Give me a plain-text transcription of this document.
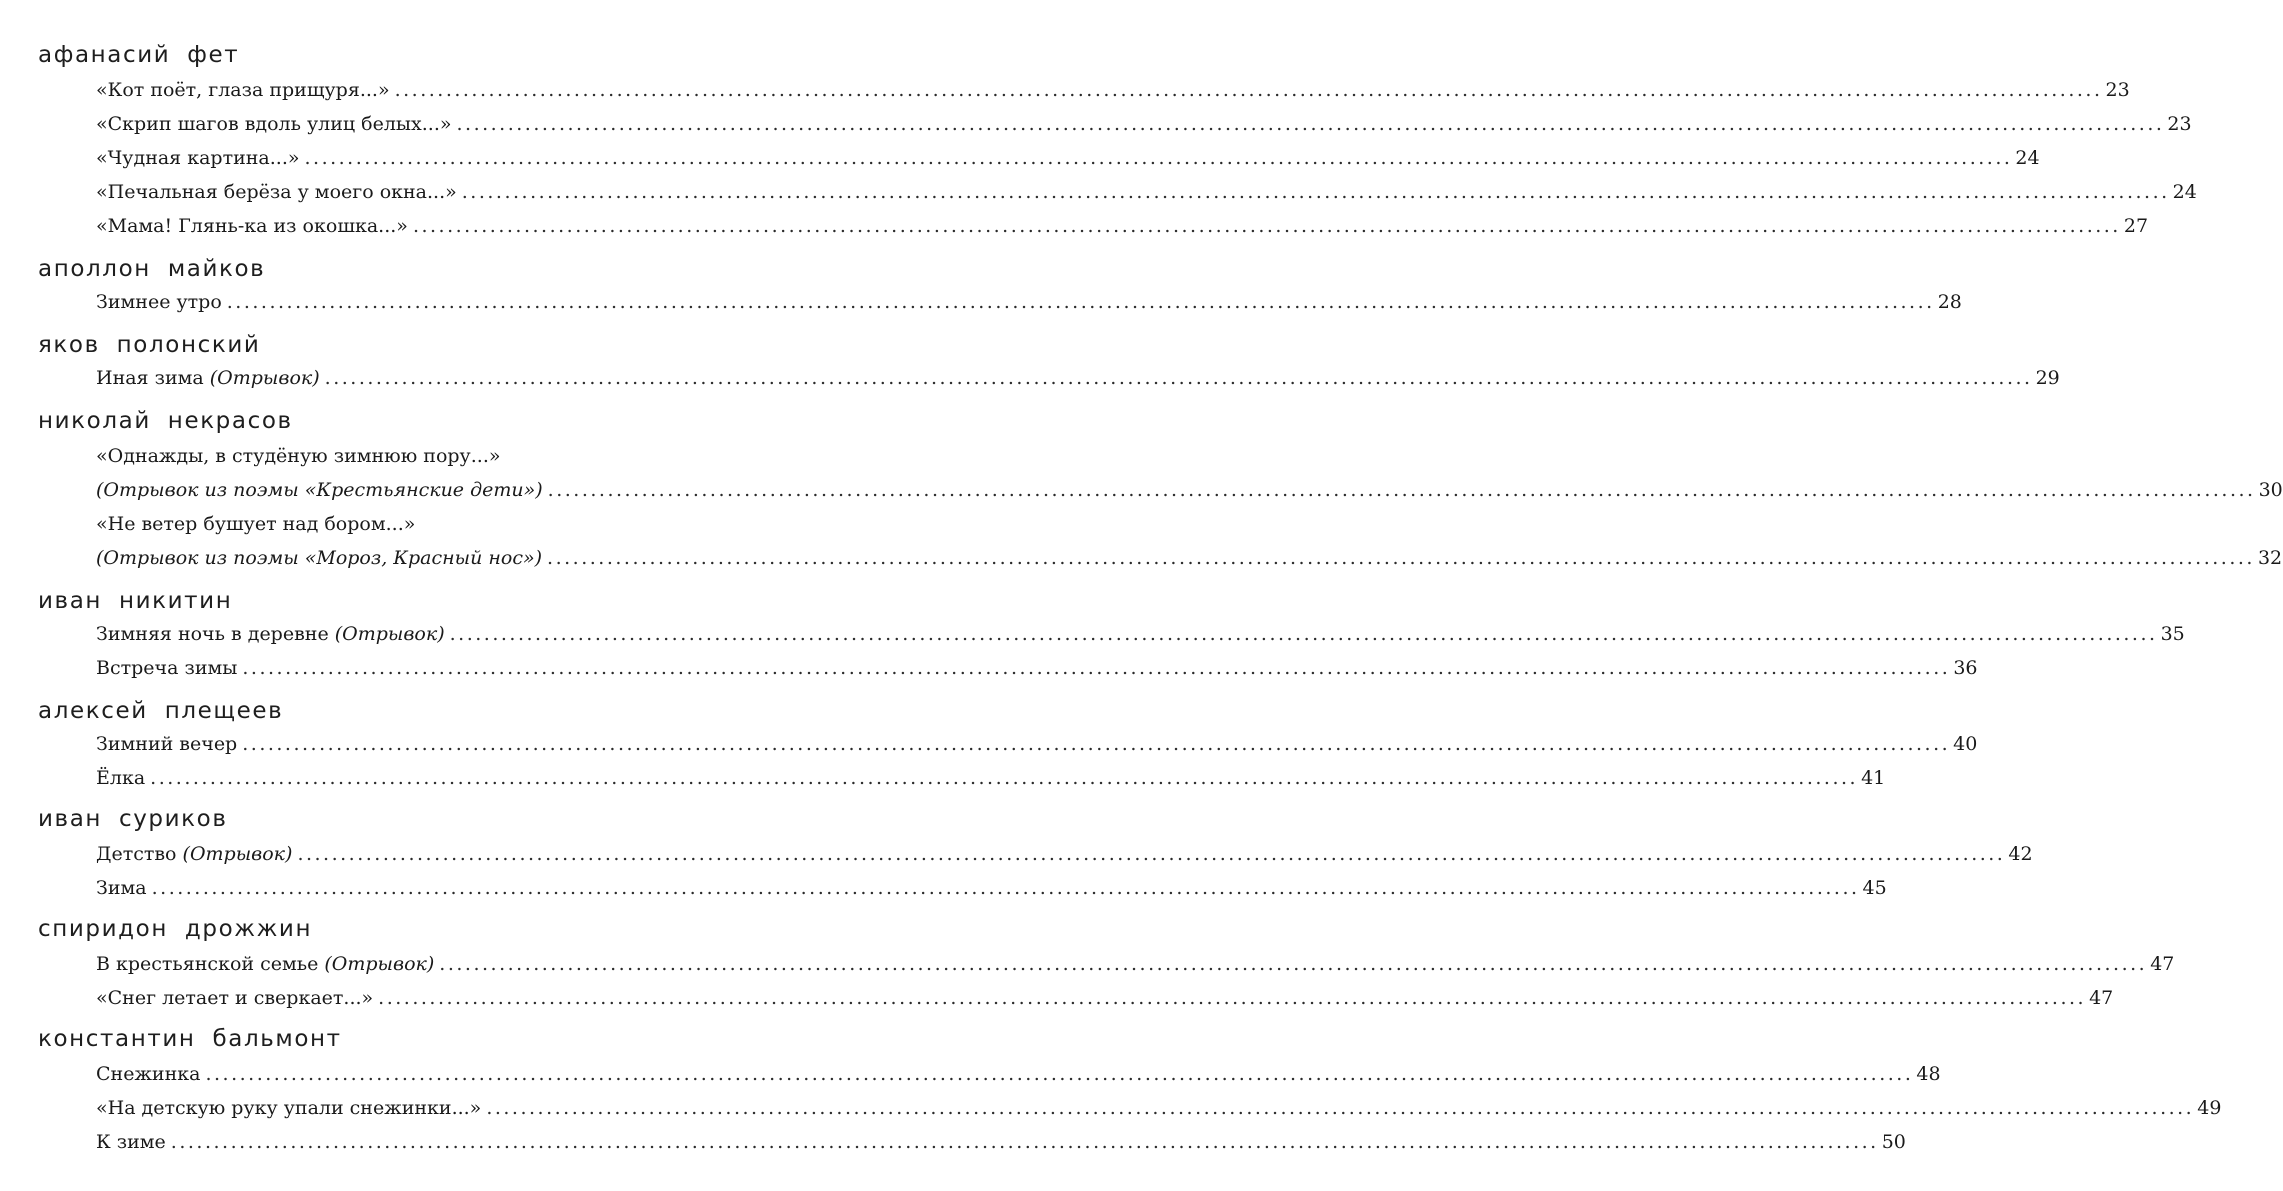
афанасий фет
«Кот поёт, глаза прищуря...» ........................................................................................................................................................................................................ 23
«Скрип шагов вдоль улиц белых...» ........................................................................................................................................................................................................ 23
«Чудная картина...» ........................................................................................................................................................................................................ 24
«Печальная берёза у моего окна...» ........................................................................................................................................................................................................ 24
«Мама! Глянь-ка из окошка...» ........................................................................................................................................................................................................ 27
аполлон майков
Зимнее утро ........................................................................................................................................................................................................ 28
яков полонский
Иная зима (Отрывок) ........................................................................................................................................................................................................ 29
николай некрасов
«Однажды, в студёную зимнюю пору...»
(Отрывок из поэмы «Крестьянские дети») ........................................................................................................................................................................................................ 30
«Не ветер бушует над бором...»
(Отрывок из поэмы «Мороз, Красный нос») ........................................................................................................................................................................................................ 32
иван никитин
Зимняя ночь в деревне (Отрывок) ........................................................................................................................................................................................................ 35
Встреча зимы ........................................................................................................................................................................................................ 36
алексей плещеев
Зимний вечер ........................................................................................................................................................................................................ 40
Ёлка ........................................................................................................................................................................................................ 41
иван суриков
Детство (Отрывок) ........................................................................................................................................................................................................ 42
Зима ........................................................................................................................................................................................................ 45
спиридон дрожжин
В крестьянской семье (Отрывок) ........................................................................................................................................................................................................ 47
«Снег летает и сверкает...» ........................................................................................................................................................................................................ 47
константин бальмонт
Снежинка ........................................................................................................................................................................................................ 48
«На детскую руку упали снежинки...» ........................................................................................................................................................................................................ 49
К зиме ........................................................................................................................................................................................................ 50
